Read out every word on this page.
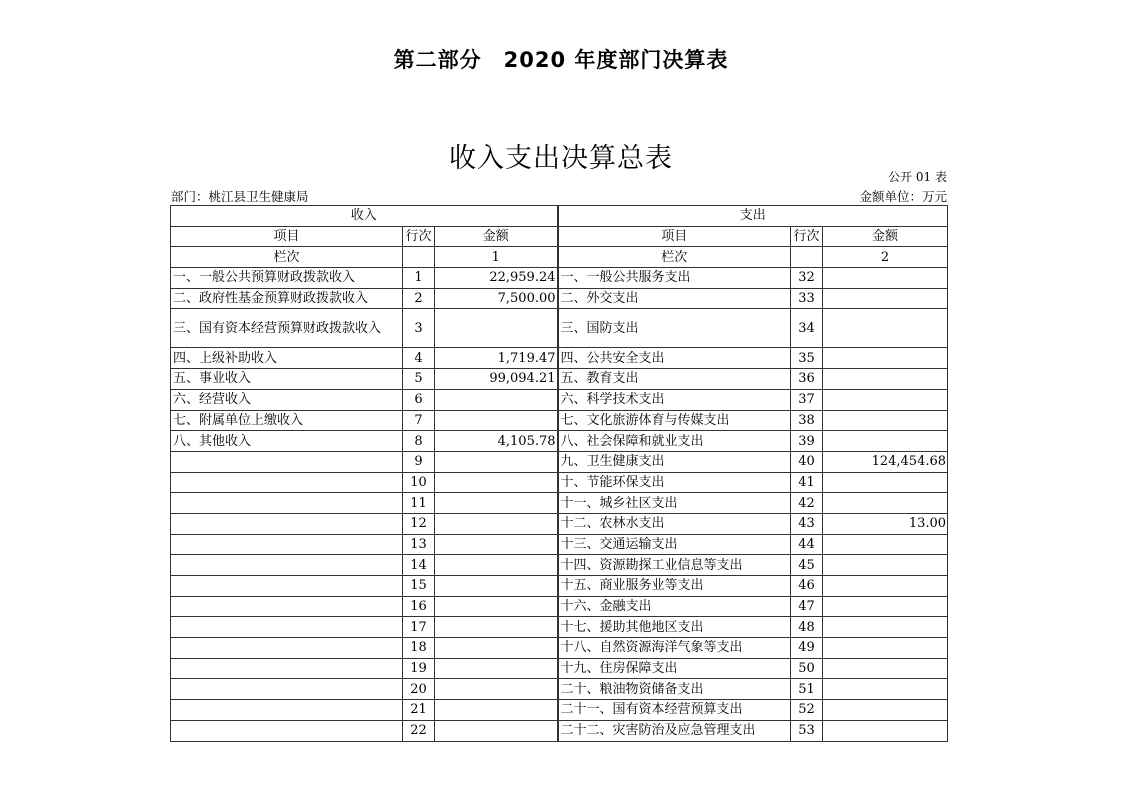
第二部分　2020 年度部门决算表
收入支出决算总表
公开 01 表
部门：桃江县卫生健康局	金额单位：万元
收入			支出		
项目	行次	金额	项目	行次	金额
栏次		1	栏次		2
一、一般公共预算财政拨款收入	1	22,959.24	一、一般公共服务支出	32	
二、政府性基金预算财政拨款收入	2	7,500.00	二、外交支出	33	
三、国有资本经营预算财政拨款收入	3		三、国防支出	34	
四、上级补助收入	4	1,719.47	四、公共安全支出	35	
五、事业收入	5	99,094.21	五、教育支出	36	
六、经营收入	6		六、科学技术支出	37	
七、附属单位上缴收入	7		七、文化旅游体育与传媒支出	38	
八、其他收入	8	4,105.78	八、社会保障和就业支出	39	
	9		九、卫生健康支出	40	124,454.68
	10		十、节能环保支出	41	
	11		十一、城乡社区支出	42	
	12		十二、农林水支出	43	13.00
	13		十三、交通运输支出	44	
	14		十四、资源勘探工业信息等支出	45	
	15		十五、商业服务业等支出	46	
	16		十六、金融支出	47	
	17		十七、援助其他地区支出	48	
	18		十八、自然资源海洋气象等支出	49	
	19		十九、住房保障支出	50	
	20		二十、粮油物资储备支出	51	
	21		二十一、国有资本经营预算支出	52	
	22		二十二、灾害防治及应急管理支出	53	
